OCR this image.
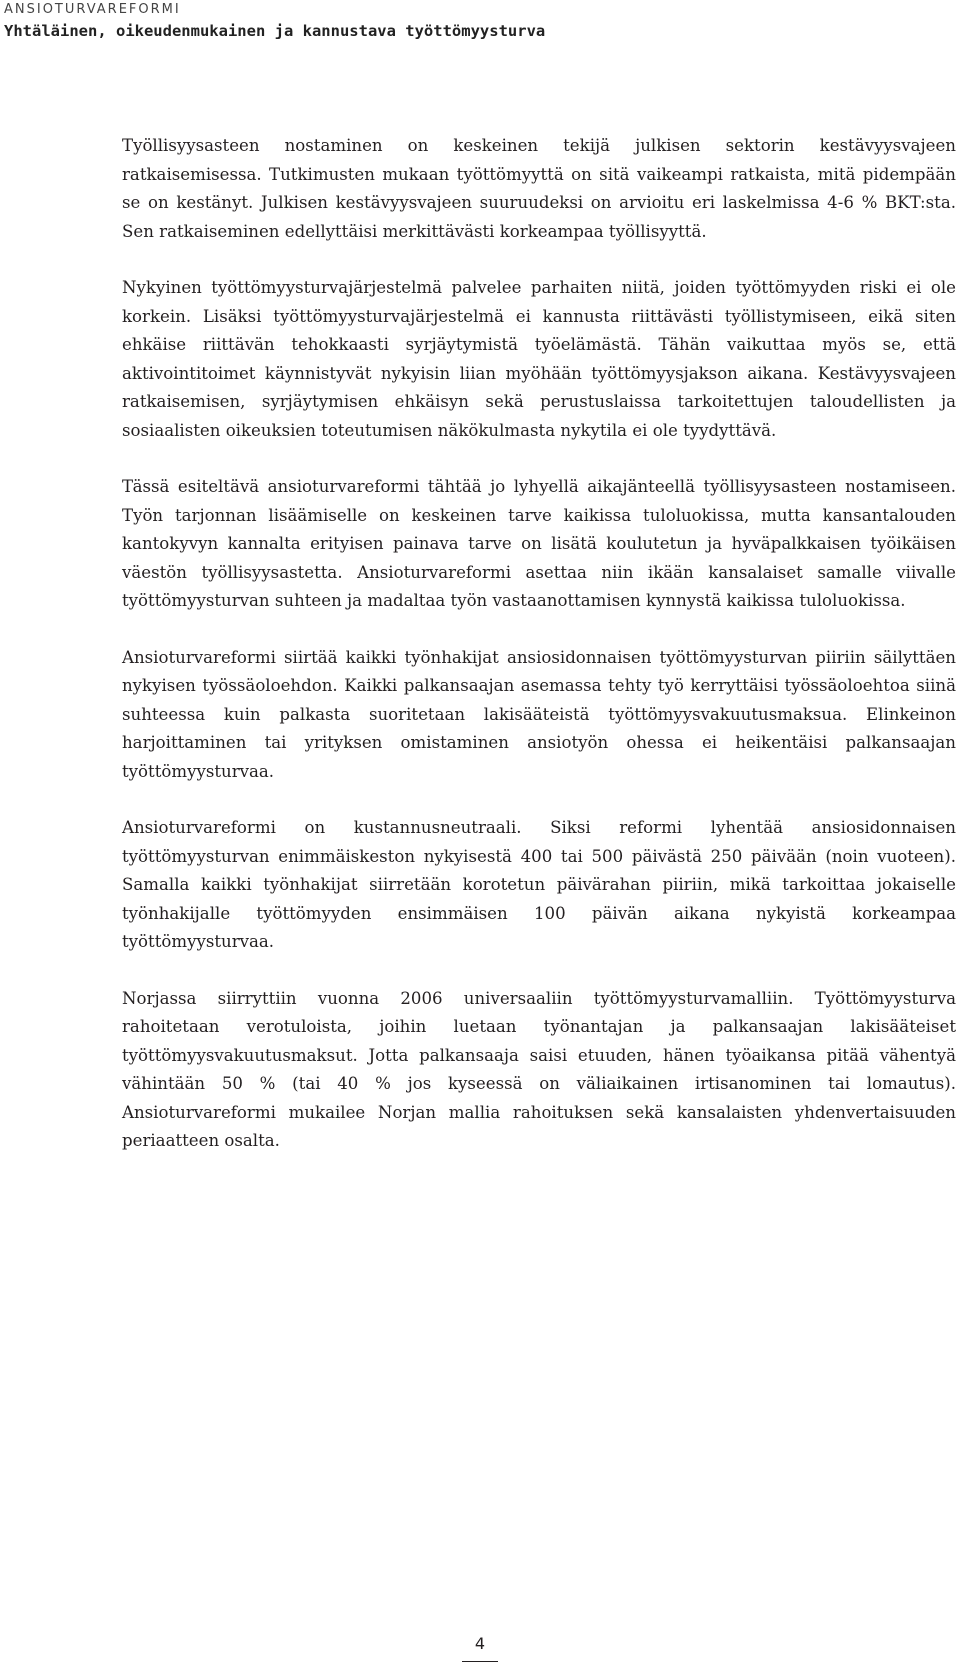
ANSIOTURVAREFORMI
Yhtäläinen, oikeudenmukainen ja kannustava työttömyysturva

Työllisyysasteen nostaminen on keskeinen tekijä julkisen sektorin kestävyysvajeen ratkaisemisessa. Tutkimusten mukaan työttömyyttä on sitä vaikeampi ratkaista, mitä pidempään se on kestänyt. Julkisen kestävyysvajeen suuruudeksi on arvioitu eri laskelmissa 4-6 % BKT:sta. Sen ratkaiseminen edellyttäisi merkittävästi korkeampaa työllisyyttä.

Nykyinen työttömyysturvajärjestelmä palvelee parhaiten niitä, joiden työttömyyden riski ei ole korkein. Lisäksi työttömyysturvajärjestelmä ei kannusta riittävästi työllistymiseen, eikä siten ehkäise riittävän tehokkaasti syrjäytymistä työelämästä. Tähän vaikuttaa myös se, että aktivointitoimet käynnistyvät nykyisin liian myöhään työttömyysjakson aikana. Kestävyysvajeen ratkaisemisen, syrjäytymisen ehkäisyn sekä perustuslaissa tarkoitettujen taloudellisten ja sosiaalisten oikeuksien toteutumisen näkökulmasta nykytila ei ole tyydyttävä.

Tässä esiteltävä ansioturvareformi tähtää jo lyhyellä aikajänteellä työllisyysasteen nostamiseen. Työn tarjonnan lisäämiselle on keskeinen tarve kaikissa tuloluokissa, mutta kansantalouden kantokyvyn kannalta erityisen painava tarve on lisätä koulutetun ja hyväpalkkaisen työikäisen väestön työllisyysastetta. Ansioturvareformi asettaa niin ikään kansalaiset samalle viivalle työttömyysturvan suhteen ja madaltaa työn vastaanottamisen kynnystä kaikissa tuloluokissa.

Ansioturvareformi siirtää kaikki työnhakijat ansiosidonnaisen työttömyysturvan piiriin säilyttäen nykyisen työssäoloehdon. Kaikki palkansaajan asemassa tehty työ kerryttäisi työssäoloehtoa siinä suhteessa kuin palkasta suoritetaan lakisääteistä työttömyysvakuutusmaksua. Elinkeinon harjoittaminen tai yrityksen omistaminen ansiotyön ohessa ei heikentäisi palkansaajan työttömyysturvaa.

Ansioturvareformi on kustannusneutraali. Siksi reformi lyhentää ansiosidonnaisen työttömyysturvan enimmäiskeston nykyisestä 400 tai 500 päivästä 250 päivään (noin vuoteen). Samalla kaikki työnhakijat siirretään korotetun päivärahan piiriin, mikä tarkoittaa jokaiselle työnhakijalle työttömyyden ensimmäisen 100 päivän aikana nykyistä korkeampaa työttömyysturvaa.

Norjassa siirryttiin vuonna 2006 universaaliin työttömyysturvamalliin. Työttömyysturva rahoitetaan verotuloista, joihin luetaan työnantajan ja palkansaajan lakisääteiset työttömyysvakuutusmaksut. Jotta palkansaaja saisi etuuden, hänen työaikansa pitää vähentyä vähintään 50 % (tai 40 % jos kyseessä on väliaikainen irtisanominen tai lomautus). Ansioturvareformi mukailee Norjan mallia rahoituksen sekä kansalaisten yhdenvertaisuuden periaatteen osalta.

4
